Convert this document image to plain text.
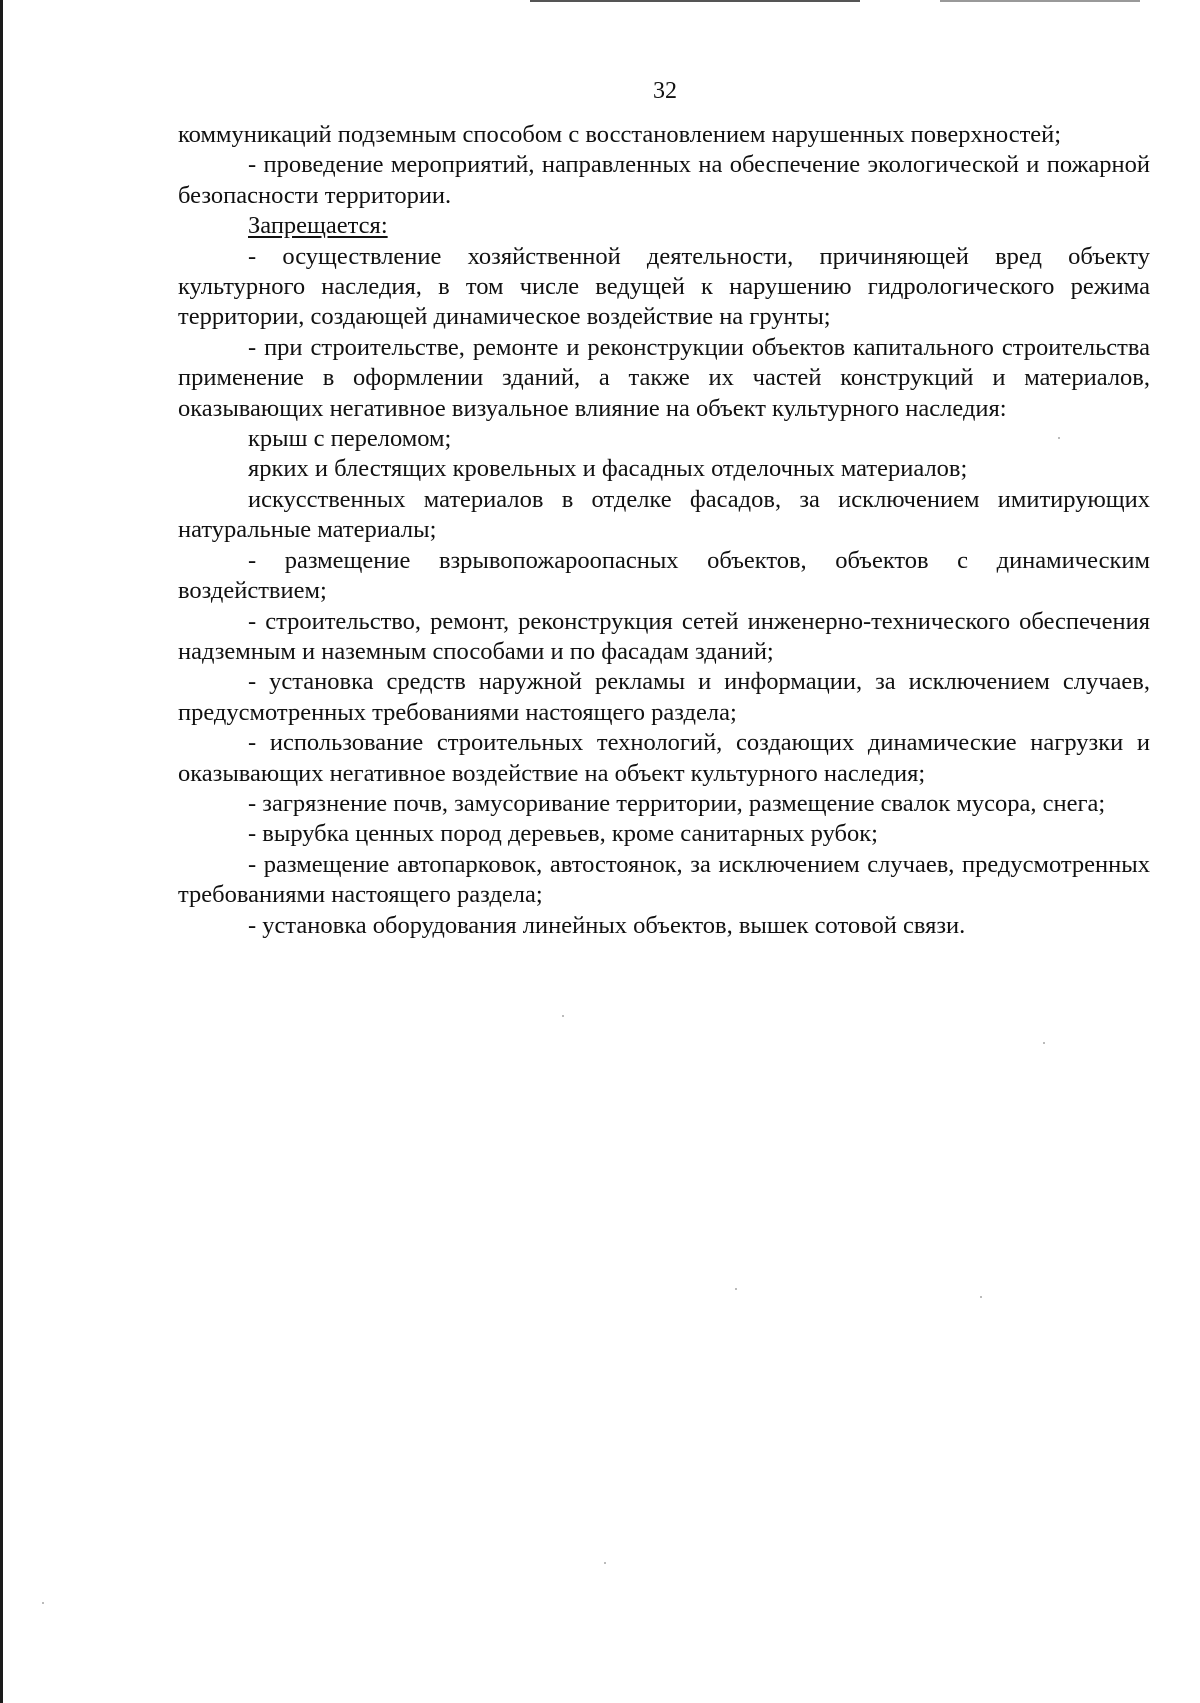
32

коммуникаций подземным способом с восстановлением нарушенных поверхностей;

- проведение мероприятий, направленных на обеспечение экологической и пожарной безопасности территории.

Запрещается:

- осуществление хозяйственной деятельности, причиняющей вред объекту культурного наследия, в том числе ведущей к нарушению гидрологического режима территории, создающей динамическое воздействие на грунты;

- при строительстве, ремонте и реконструкции объектов капитального строительства применение в оформлении зданий, а также их частей конструкций и материалов, оказывающих негативное визуальное влияние на объект культурного наследия:

крыш с переломом;

ярких и блестящих кровельных и фасадных отделочных материалов;

искусственных материалов в отделке фасадов, за исключением имитирующих натуральные материалы;

- размещение взрывопожароопасных объектов, объектов с динамическим воздействием;

- строительство, ремонт, реконструкция сетей инженерно-технического обеспечения надземным и наземным способами и по фасадам зданий;

- установка средств наружной рекламы и информации, за исключением случаев, предусмотренных требованиями настоящего раздела;

- использование строительных технологий, создающих динамические нагрузки и оказывающих негативное воздействие на объект культурного наследия;

- загрязнение почв, замусоривание территории, размещение свалок мусора, снега;

- вырубка ценных пород деревьев, кроме санитарных рубок;

- размещение автопарковок, автостоянок, за исключением случаев, предусмотренных требованиями настоящего раздела;

- установка оборудования линейных объектов, вышек сотовой связи.
